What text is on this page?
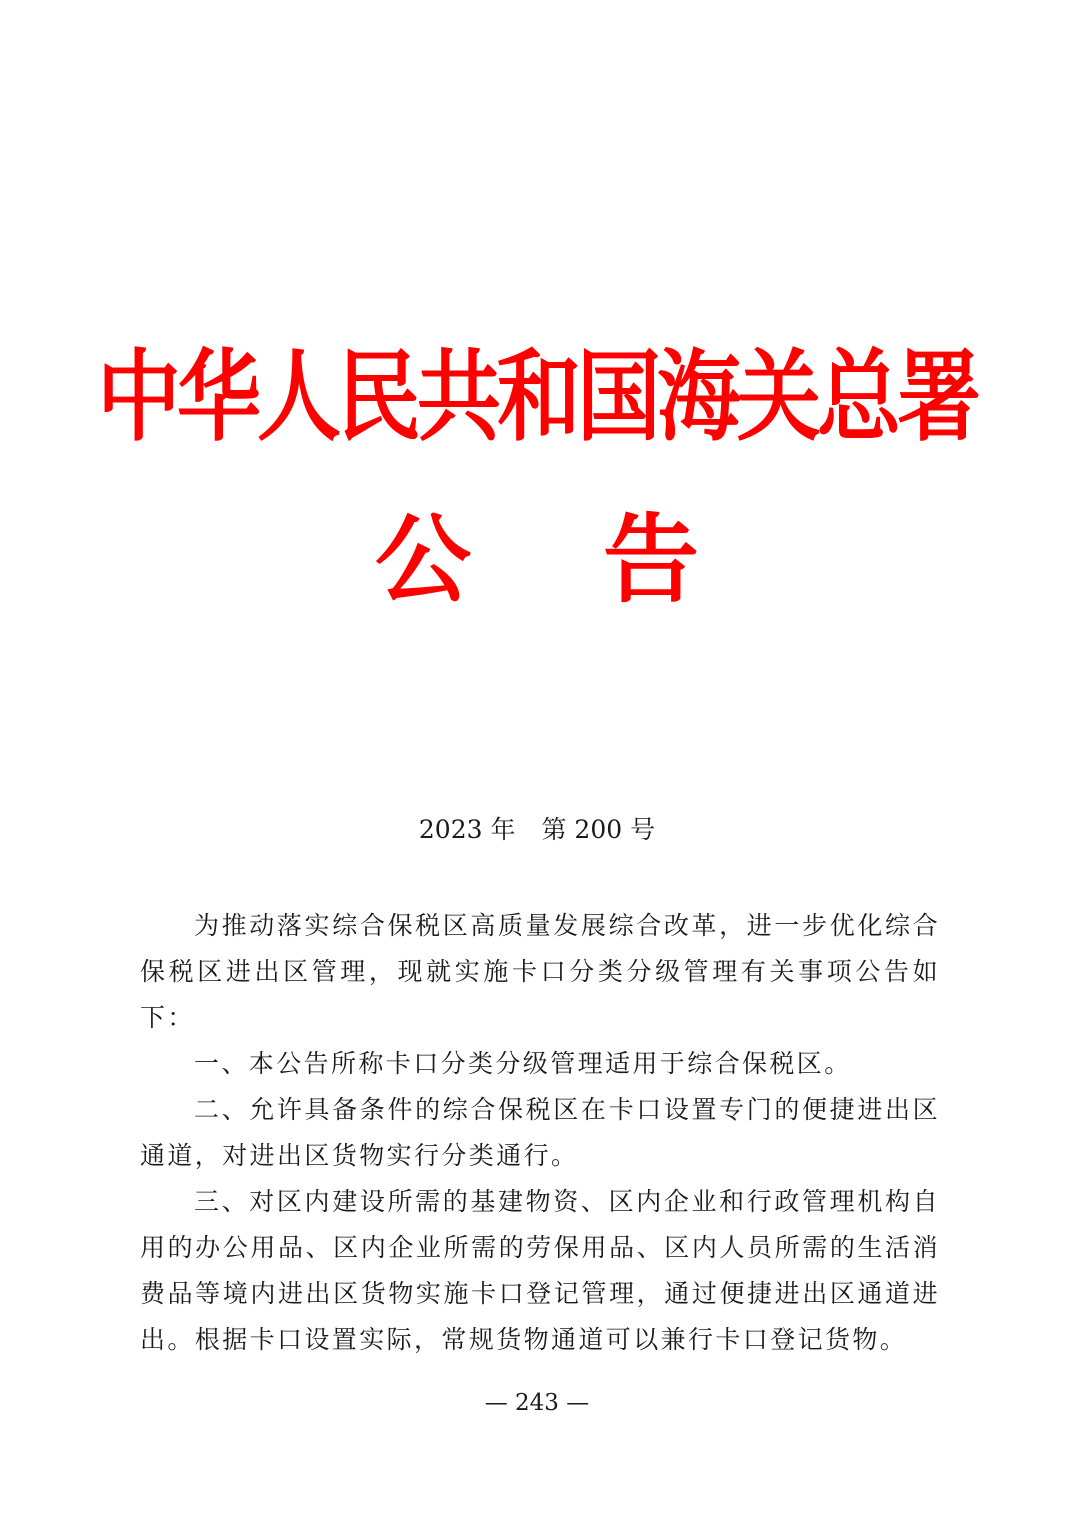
中华人民共和国海关总署
公 告
2023 年 第 200 号

为推动落实综合保税区高质量发展综合改革，进一步优化综合保税区进出区管理，现就实施卡口分类分级管理有关事项公告如下：

一、本公告所称卡口分类分级管理适用于综合保税区。

二、允许具备条件的综合保税区在卡口设置专门的便捷进出区通道，对进出区货物实行分类通行。

三、对区内建设所需的基建物资、区内企业和行政管理机构自用的办公用品、区内企业所需的劳保用品、区内人员所需的生活消费品等境内进出区货物实施卡口登记管理，通过便捷进出区通道进出。根据卡口设置实际，常规货物通道可以兼行卡口登记货物。

— 243 —
